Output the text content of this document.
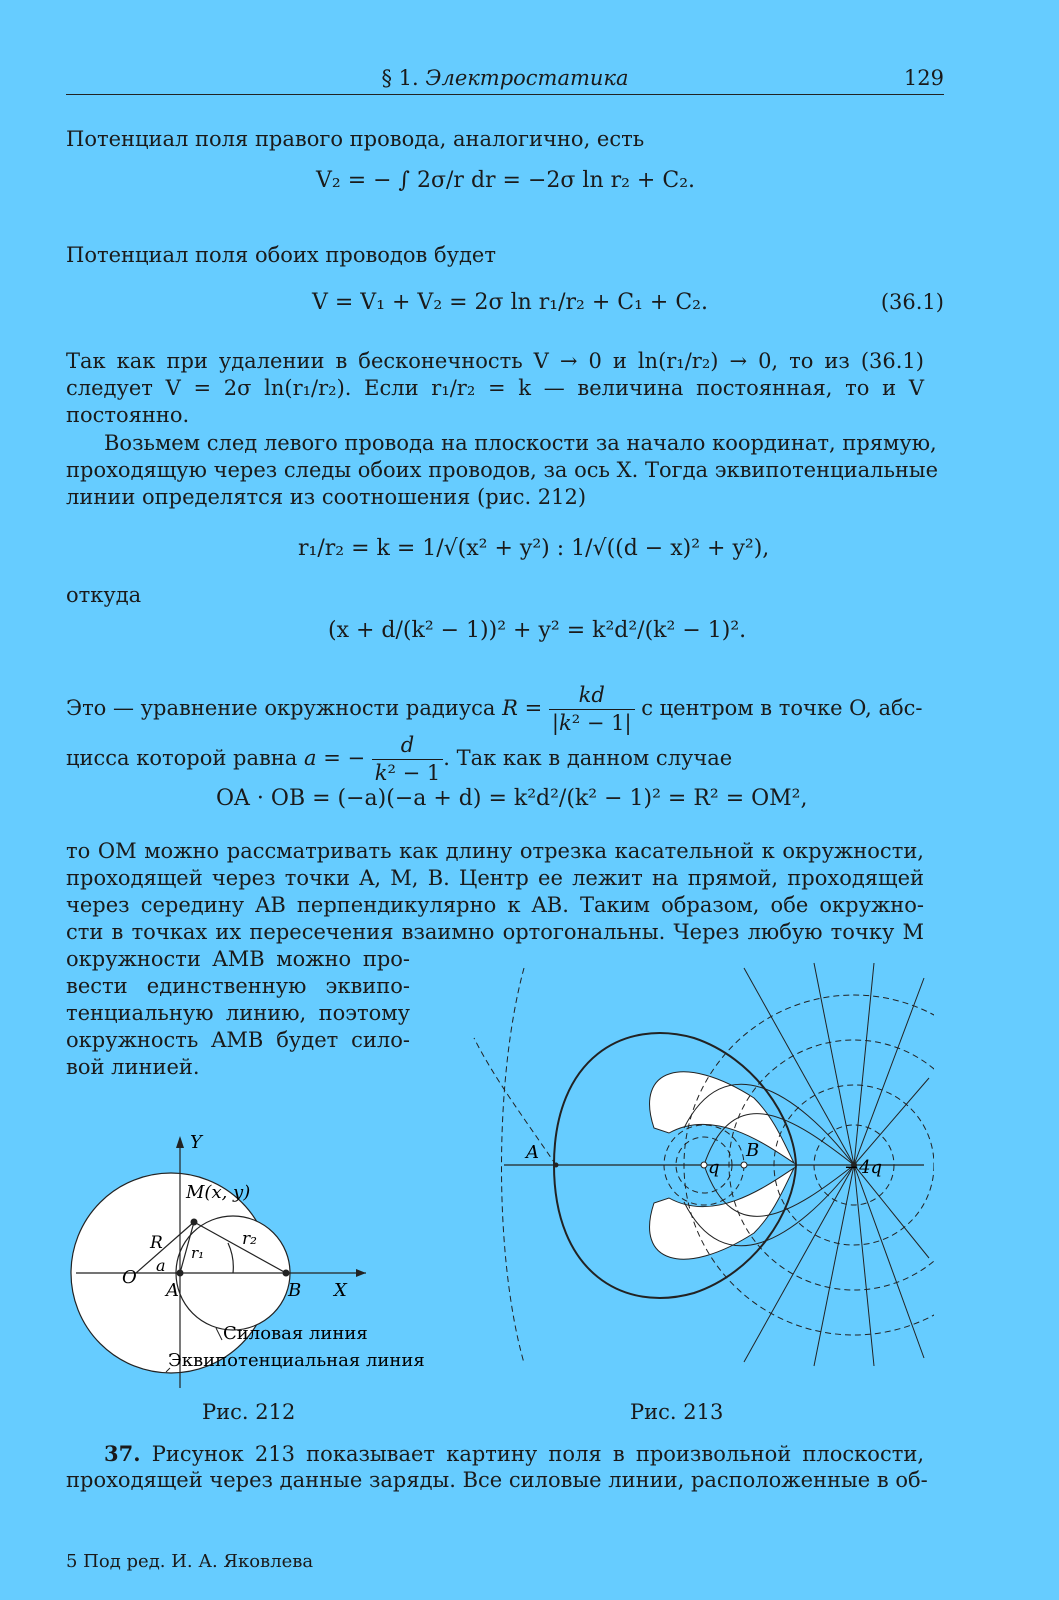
§ 1. Электростатика	129
Потенциал поля правого провода, аналогично, есть
V₂ = − ∫ 2σ/r dr = −2σ ln r₂ + C₂.
Потенциал поля обоих проводов будет
V = V₁ + V₂ = 2σ ln r₁/r₂ + C₁ + C₂.	(36.1)
Так как при удалении в бесконечность V → 0 и ln(r₁/r₂) → 0, то из (36.1)
следует V = 2σ ln(r₁/r₂). Если r₁/r₂ = k — величина постоянная, то и V
постоянно.
Возьмем след левого провода на плоскости за начало координат, прямую,
проходящую через следы обоих проводов, за ось X. Тогда эквипотенциальные
линии определятся из соотношения (рис. 212)
r₁/r₂ = k = 1/√(x² + y²) : 1/√((d − x)² + y²),
откуда
(x + d/(k² − 1))² + y² = k²d²/(k² − 1)².
Это — уравнение окружности радиуса $R = \frac{kd}{\text{|k² − 1|}}$ с центром в точке O, абс-
цисса которой равна a = − $\frac{d}{\text{k² − 1}}$ . Так как в данном случае
OA · OB = (−a)(−a + d) = k²d²/(k² − 1)² = R² = OM²,
то OM можно рассматривать как длину отрезка касательной к окружности,
проходящей через точки A, M, B. Центр ее лежит на прямой, проходящей
через середину AB перпендикулярно к AB. Таким образом, обе окружно-
сти в точках их пересечения взаимно ортогональны. Через любую точку M
окружности AMB можно про-
вести единственную эквипо-
тенциальную линию, поэтому
окружность AMB будет сило-
вой линией.
Y
X
M(x, y)
R r₁
r₂
a
O
A	B
Силовая линия
Эквипотенциальная линия
Рис. 212
A	B
q	−4q
Рис. 213
37. Рисунок 213 показывает картину поля в произвольной плоскости,
проходящей через данные заряды. Все силовые линии, расположенные в об-
5 Под ред. И. А. Яковлева
